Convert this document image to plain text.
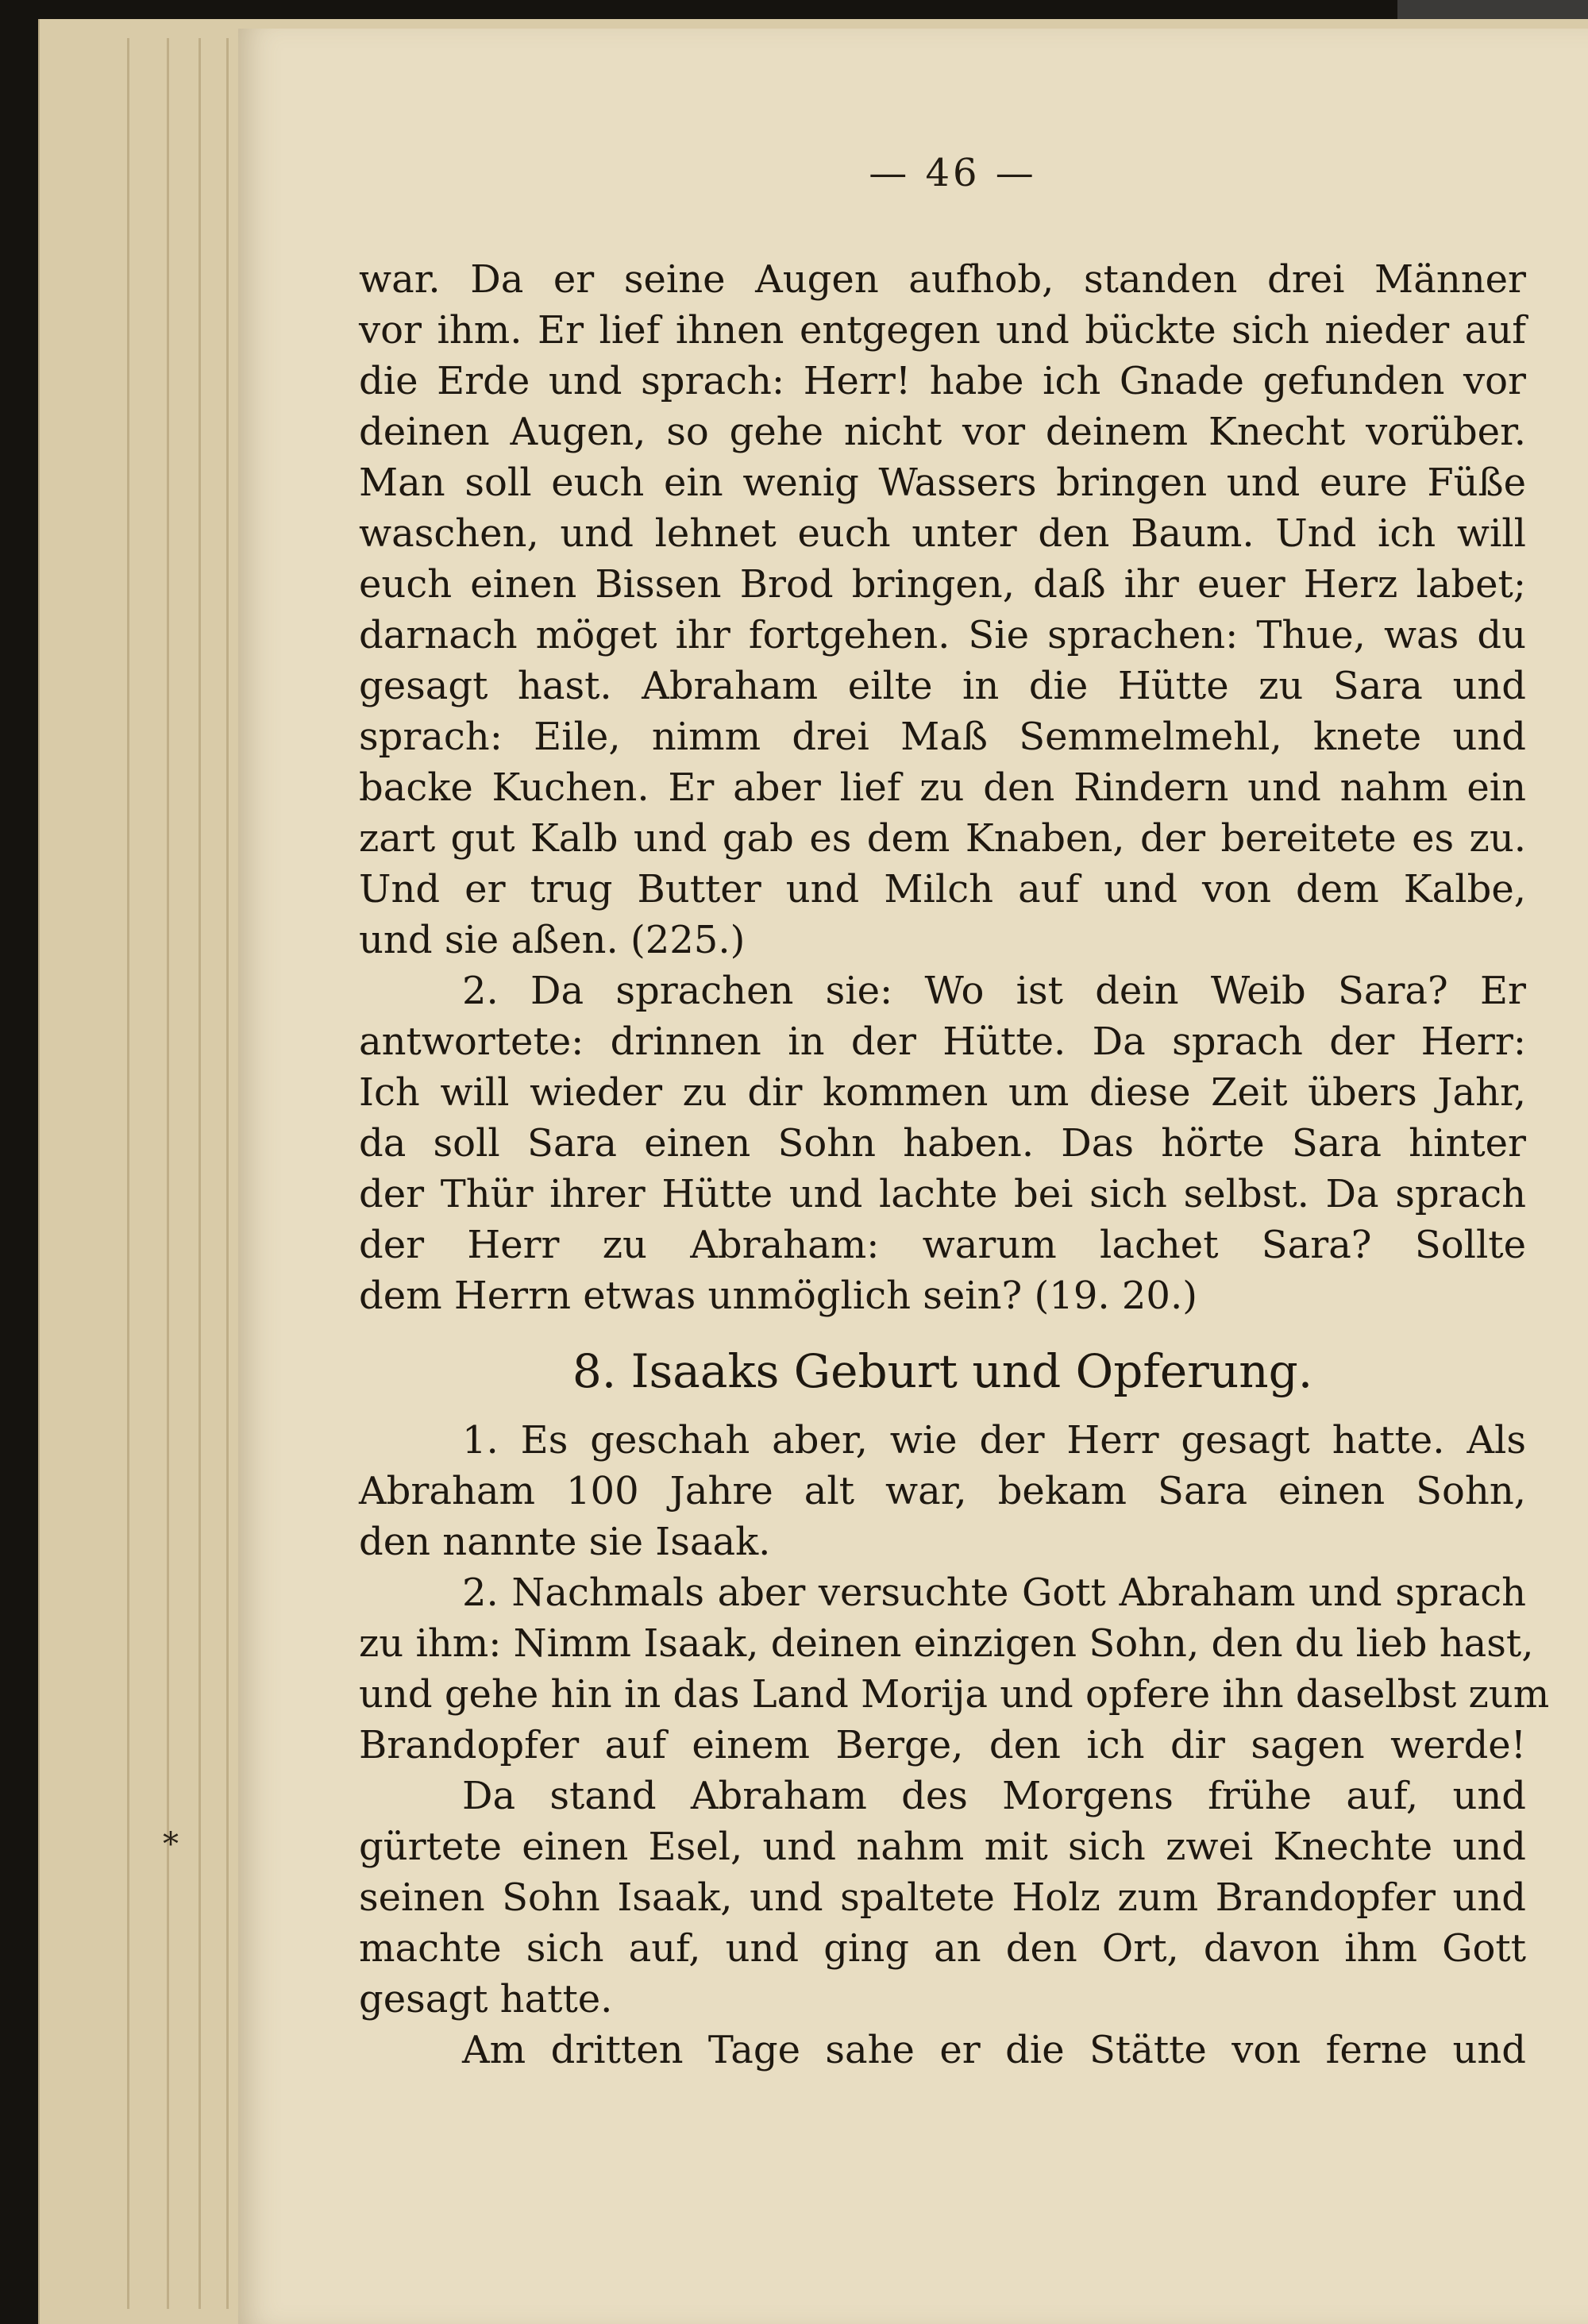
— 46 —
*
war. Da er seine Augen aufhob, standen drei Männer
vor ihm. Er lief ihnen entgegen und bückte sich nieder auf
die Erde und sprach: Herr! habe ich Gnade gefunden vor
deinen Augen, so gehe nicht vor deinem Knecht vorüber.
Man soll euch ein wenig Wassers bringen und eure Füße
waschen, und lehnet euch unter den Baum. Und ich will
euch einen Bissen Brod bringen, daß ihr euer Herz labet;
darnach möget ihr fortgehen. Sie sprachen: Thue, was du
gesagt hast. Abraham eilte in die Hütte zu Sara und
sprach: Eile, nimm drei Maß Semmelmehl, knete und
backe Kuchen. Er aber lief zu den Rindern und nahm ein
zart gut Kalb und gab es dem Knaben, der bereitete es zu.
Und er trug Butter und Milch auf und von dem Kalbe,
und sie aßen. (225.)
2. Da sprachen sie: Wo ist dein Weib Sara? Er
antwortete: drinnen in der Hütte. Da sprach der Herr:
Ich will wieder zu dir kommen um diese Zeit übers Jahr,
da soll Sara einen Sohn haben. Das hörte Sara hinter
der Thür ihrer Hütte und lachte bei sich selbst. Da sprach
der Herr zu Abraham: warum lachet Sara? Sollte
dem Herrn etwas unmöglich sein? (19. 20.)
8. Isaaks Geburt und Opferung.
1. Es geschah aber, wie der Herr gesagt hatte. Als
Abraham 100 Jahre alt war, bekam Sara einen Sohn,
den nannte sie Isaak.
2. Nachmals aber versuchte Gott Abraham und sprach
zu ihm: Nimm Isaak, deinen einzigen Sohn, den du lieb hast,
und gehe hin in das Land Morija und opfere ihn daselbst zum
Brandopfer auf einem Berge, den ich dir sagen werde!
Da stand Abraham des Morgens frühe auf, und
gürtete einen Esel, und nahm mit sich zwei Knechte und
seinen Sohn Isaak, und spaltete Holz zum Brandopfer und
machte sich auf, und ging an den Ort, davon ihm Gott
gesagt hatte.
Am dritten Tage sahe er die Stätte von ferne und
